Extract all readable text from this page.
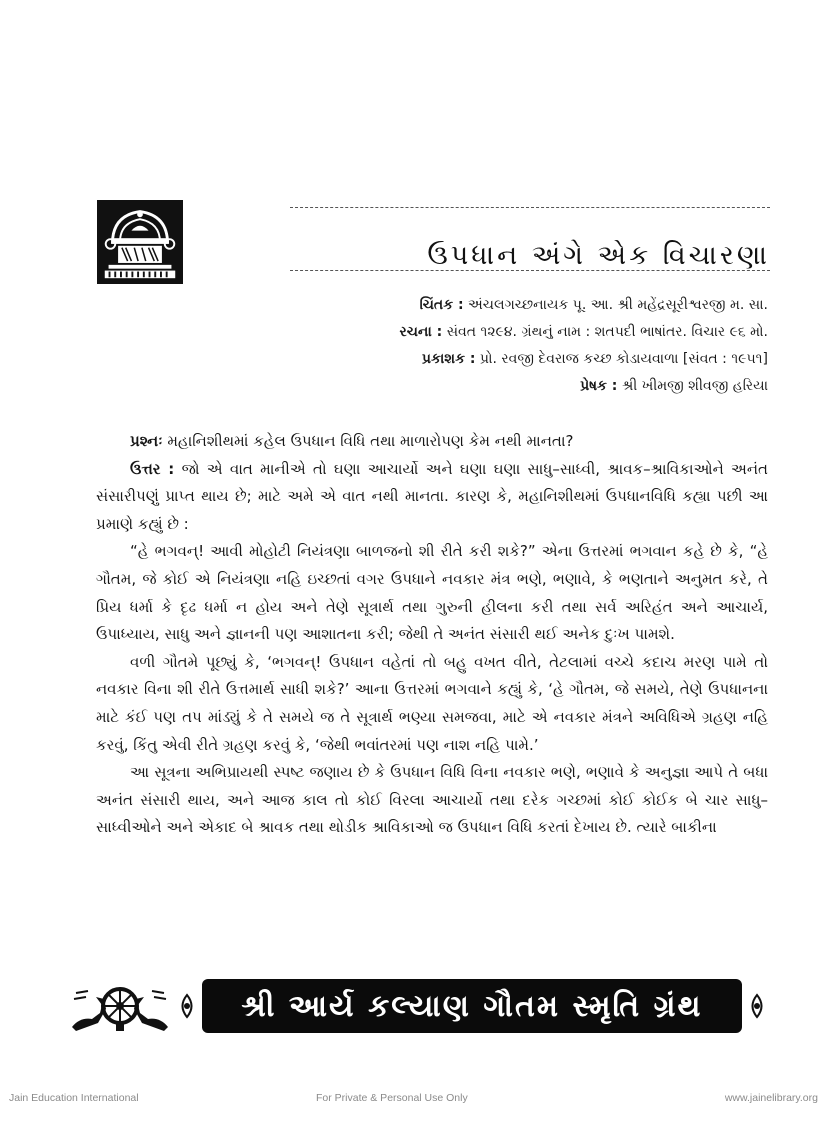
ઉપધાન અંગે એક વિચારણા
ચિંતક : અંચલગચ્છનાયક પૂ. આ. શ્રી મહેંદ્રસૂરીશ્વરજી મ. સા.
રચના : સંવત ૧૨૯૪. ગ્રંથનું નામ : શતપદી ભાષાંતર. વિચાર ૯૬ મો.
પ્રકાશક : પ્રો. રવજી દેવરાજ કચ્છ કોડાયવાળા [સંવત : ૧૯૫૧]
પ્રેષક : શ્રી ખીમજી શીવજી હરિયા

પ્રશ્નઃ મહાનિશીથમાં કહેલ ઉપધાન વિધિ તથા માળારોપણ કેમ નથી માનતા?

ઉત્તર : જો એ વાત માનીએ તો ઘણા આચાર્યો અને ઘણા ઘણા સાધુ–સાધ્વી, શ્રાવક–શ્રાવિકાઓને અનંત સંસારીપણું પ્રાપ્ત થાય છે; માટે અમે એ વાત નથી માનતા. કારણ કે, મહાનિશીથમાં ઉપધાનવિધિ કહ્યા પછી આ પ્રમાણે કહ્યું છે :

“હે ભગવન્! આવી મોહોટી નિયંત્રણા બાળજનો શી રીતે કરી શકે?” એના ઉત્તરમાં ભગવાન કહે છે કે, “હે ગૌતમ, જે કોઈ એ નિયંત્રણા નહિ ઇચ્છતાં વગર ઉપધાને નવકાર મંત્ર ભણે, ભણાવે, કે ભણતાને અનુમત કરે, તે પ્રિય ધર્મા કે દૃઢ ધર્મા ન હોય અને તેણે સૂત્રાર્થ તથા ગુરુની હીલના કરી તથા સર્વ અરિહંત અને આચાર્ય, ઉપાધ્યાય, સાધુ અને જ્ઞાનની પણ આશાતના કરી; જેથી તે અનંત સંસારી થઈ અનેક દુઃખ પામશે.

વળી ગૌતમે પૂછ્યું કે, ‘ભગવન્! ઉપધાન વહેતાં તો બહુ વખત વીતે, તેટલામાં વચ્ચે કદાચ મરણ પામે તો નવકાર વિના શી રીતે ઉત્તમાર્થ સાધી શકે?’ આના ઉત્તરમાં ભગવાને કહ્યું કે, ‘હે ગૌતમ, જે સમયે, તેણે ઉપધાનના માટે કંઈ પણ તપ માંડ્યું કે તે સમયે જ તે સૂત્રાર્થ ભણ્યા સમજવા, માટે એ નવકાર મંત્રને અવિધિએ ગ્રહણ નહિ કરવું, કિંતુ એવી રીતે ગ્રહણ કરવું કે, ‘જેથી ભવાંતરમાં પણ નાશ નહિ પામે.’

આ સૂત્રના અભિપ્રાયથી સ્પષ્ટ જણાય છે કે ઉપધાન વિધિ વિના નવકાર ભણે, ભણાવે કે અનુજ્ઞા આપે તે બધા અનંત સંસારી થાય, અને આજ કાલ તો કોઈ વિરલા આચાર્યો તથા દરેક ગચ્છમાં કોઈ કોઈક બે ચાર સાધુ–સાધ્વીઓને અને એકાદ બે શ્રાવક તથા થોડીક શ્રાવિકાઓ જ ઉપધાન વિધિ કરતાં દેખાય છે. ત્યારે બાકીના

શ્રી આર્ય કલ્યાણ ગૌતમ સ્મૃતિ ગ્રંથ
Jain Education International	For Private & Personal Use Only	www.jainelibrary.org
